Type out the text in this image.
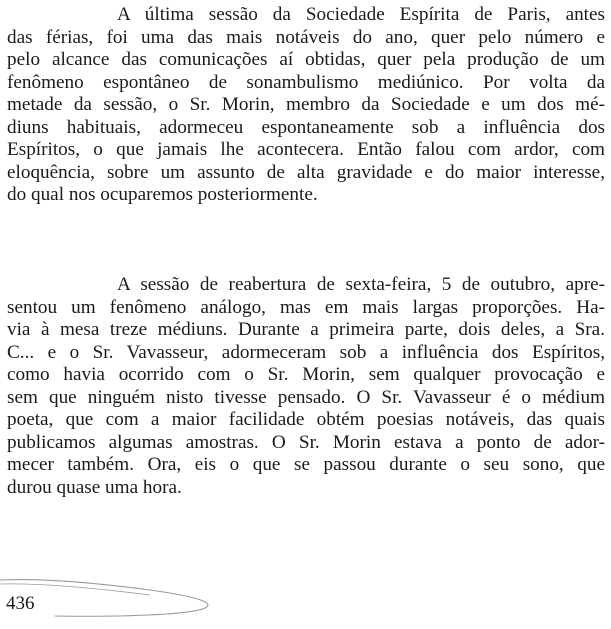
A última sessão da Sociedade Espírita de Paris, antes
das férias, foi uma das mais notáveis do ano, quer pelo número e
pelo alcance das comunicações aí obtidas, quer pela produção de um
fenômeno espontâneo de sonambulismo mediúnico. Por volta da
metade da sessão, o Sr. Morin, membro da Sociedade e um dos mé-
diuns habituais, adormeceu espontaneamente sob a influência dos
Espíritos, o que jamais lhe acontecera. Então falou com ardor, com
eloquência, sobre um assunto de alta gravidade e do maior interesse,
do qual nos ocuparemos posteriormente.
A sessão de reabertura de sexta-feira, 5 de outubro, apre-
sentou um fenômeno análogo, mas em mais largas proporções. Ha-
via à mesa treze médiuns. Durante a primeira parte, dois deles, a Sra.
C... e o Sr. Vavasseur, adormeceram sob a influência dos Espíritos,
como havia ocorrido com o Sr. Morin, sem qualquer provocação e
sem que ninguém nisto tivesse pensado. O Sr. Vavasseur é o médium
poeta, que com a maior facilidade obtém poesias notáveis, das quais
publicamos algumas amostras. O Sr. Morin estava a ponto de ador-
mecer também. Ora, eis o que se passou durante o seu sono, que
durou quase uma hora.
436
